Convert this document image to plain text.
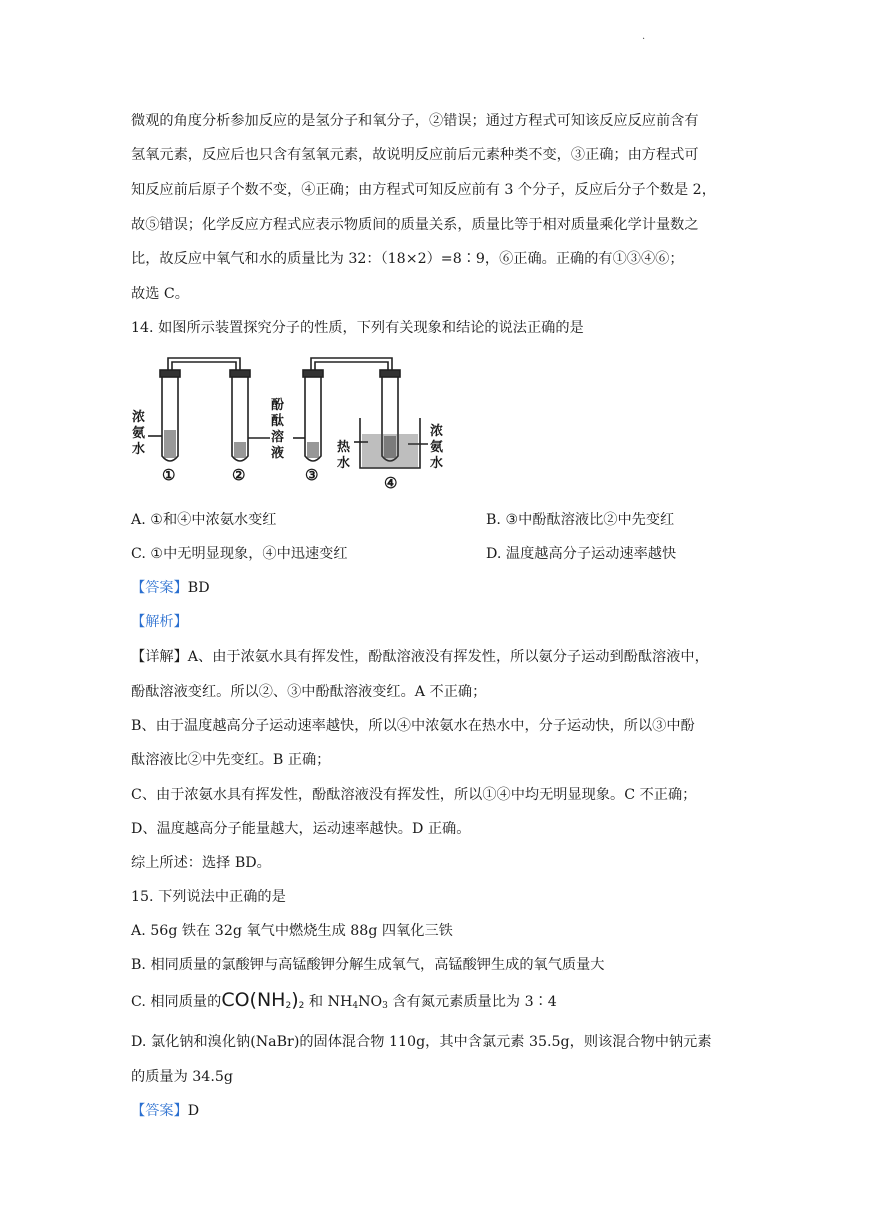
·
微观的角度分析参加反应的是氢分子和氧分子，②错误；通过方程式可知该反应反应前含有
氢氧元素，反应后也只含有氢氧元素，故说明反应前后元素种类不变，③正确；由方程式可
知反应前后原子个数不变，④正确；由方程式可知反应前有 3 个分子，反应后分子个数是 2，
故⑤错误；化学反应方程式应表示物质间的质量关系，质量比等于相对质量乘化学计量数之
比，故反应中氧气和水的质量比为 32：（18×2）=8∶9，⑥正确。正确的有①③④⑥；
故选 C。
14. 如图所示装置探究分子的性质，下列有关现象和结论的说法正确的是
浓氨水
酚酞溶液	热水
浓氨水
①	②	③	④
A. ①和④中浓氨水变红	B. ③中酚酞溶液比②中先变红
C. ①中无明显现象，④中迅速变红	D. 温度越高分子运动速率越快
【答案】BD
【解析】
【详解】A、由于浓氨水具有挥发性，酚酞溶液没有挥发性，所以氨分子运动到酚酞溶液中，
酚酞溶液变红。所以②、③中酚酞溶液变红。A 不正确；
B、由于温度越高分子运动速率越快，所以④中浓氨水在热水中，分子运动快，所以③中酚
酞溶液比②中先变红。B 正确；
C、由于浓氨水具有挥发性，酚酞溶液没有挥发性，所以①④中均无明显现象。C 不正确；
D、温度越高分子能量越大，运动速率越快。D 正确。
综上所述：选择 BD。
15. 下列说法中正确的是
A. 56g 铁在 32g 氧气中燃烧生成 88g 四氧化三铁
B. 相同质量的氯酸钾与高锰酸钾分解生成氧气，高锰酸钾生成的氧气质量大
C. 相同质量的$CO(NH_2)_2$ 和 $NH_4NO_3$ 含有氮元素质量比为 3∶4
D. 氯化钠和溴化钠(NaBr)的固体混合物 110g，其中含氯元素 35.5g，则该混合物中钠元素
的质量为 34.5g
【答案】D
